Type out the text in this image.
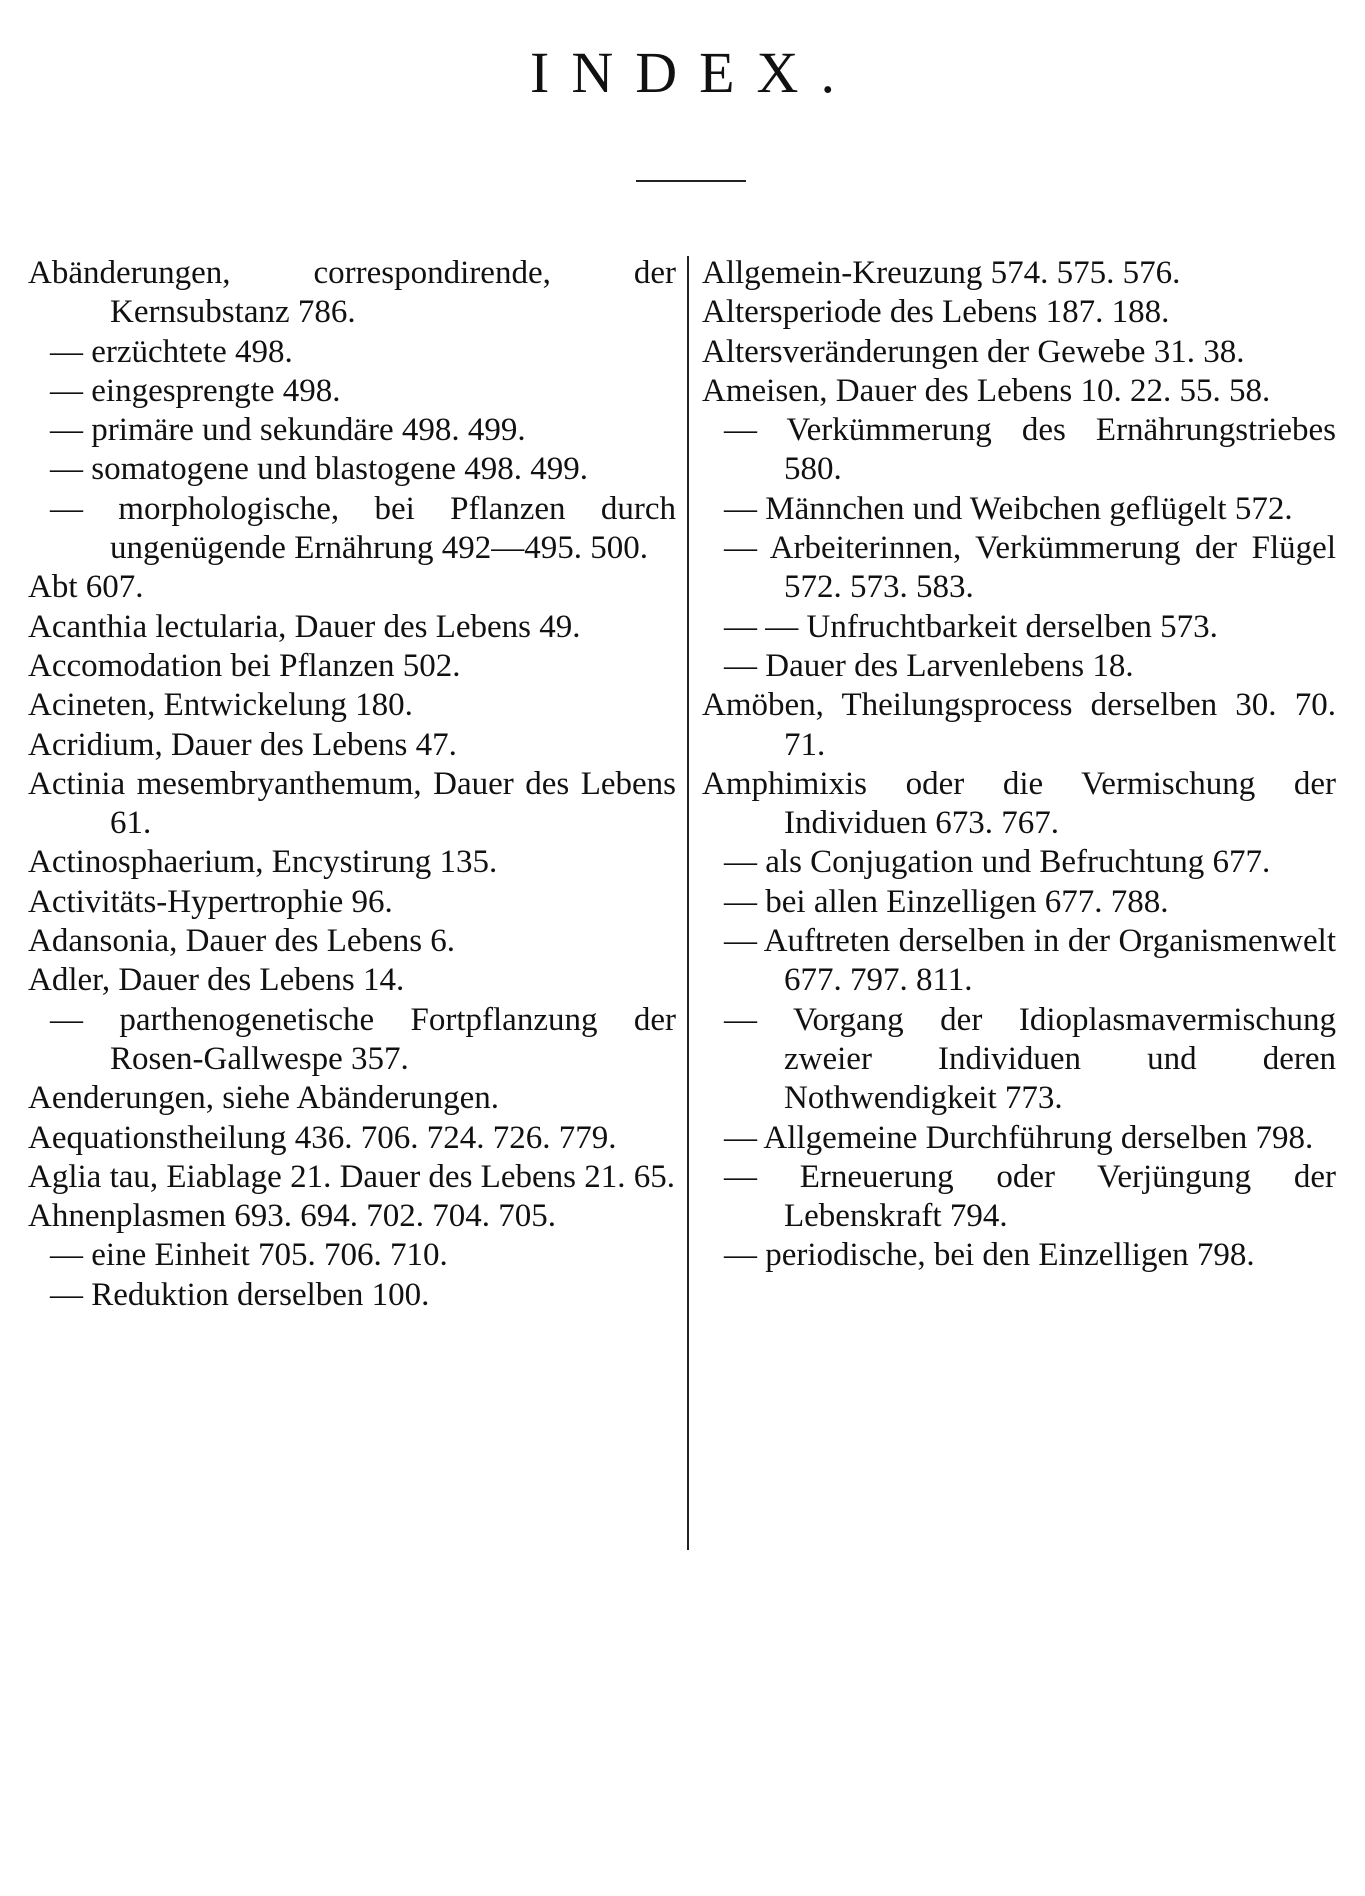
INDEX.
Abänderungen, correspondirende, der Kernsubstanz 786.
— erzüchtete 498.
— eingesprengte 498.
— primäre und sekundäre 498. 499.
— somatogene und blastogene 498. 499.
— morphologische, bei Pflanzen durch ungenügende Ernährung 492—495. 500.
Abt 607.
Acanthia lectularia, Dauer des Lebens 49.
Accomodation bei Pflanzen 502.
Acineten, Entwickelung 180.
Acridium, Dauer des Lebens 47.
Actinia mesembryanthemum, Dauer des Lebens 61.
Actinosphaerium, Encystirung 135.
Activitäts-Hypertrophie 96.
Adansonia, Dauer des Lebens 6.
Adler, Dauer des Lebens 14.
— parthenogenetische Fortpflanzung der Rosen-Gallwespe 357.
Aenderungen, siehe Abänderungen.
Aequationstheilung 436. 706. 724. 726. 779.
Aglia tau, Eiablage 21. Dauer des Lebens 21. 65.
Ahnenplasmen 693. 694. 702. 704. 705.
— eine Einheit 705. 706. 710.
— Reduktion derselben 100.
Allgemein-Kreuzung 574. 575. 576.
Altersperiode des Lebens 187. 188.
Altersveränderungen der Gewebe 31. 38.
Ameisen, Dauer des Lebens 10. 22. 55. 58.
— Verkümmerung des Ernährungstriebes 580.
— Männchen und Weibchen geflügelt 572.
— Arbeiterinnen, Verkümmerung der Flügel 572. 573. 583.
— — Unfruchtbarkeit derselben 573.
— Dauer des Larvenlebens 18.
Amöben, Theilungsprocess derselben 30. 70. 71.
Amphimixis oder die Vermischung der Individuen 673. 767.
— als Conjugation und Befruchtung 677.
— bei allen Einzelligen 677. 788.
— Auftreten derselben in der Organismenwelt 677. 797. 811.
— Vorgang der Idioplasmavermischung zweier Individuen und deren Nothwendigkeit 773.
— Allgemeine Durchführung derselben 798.
— Erneuerung oder Verjüngung der Lebenskraft 794.
— periodische, bei den Einzelligen 798.
